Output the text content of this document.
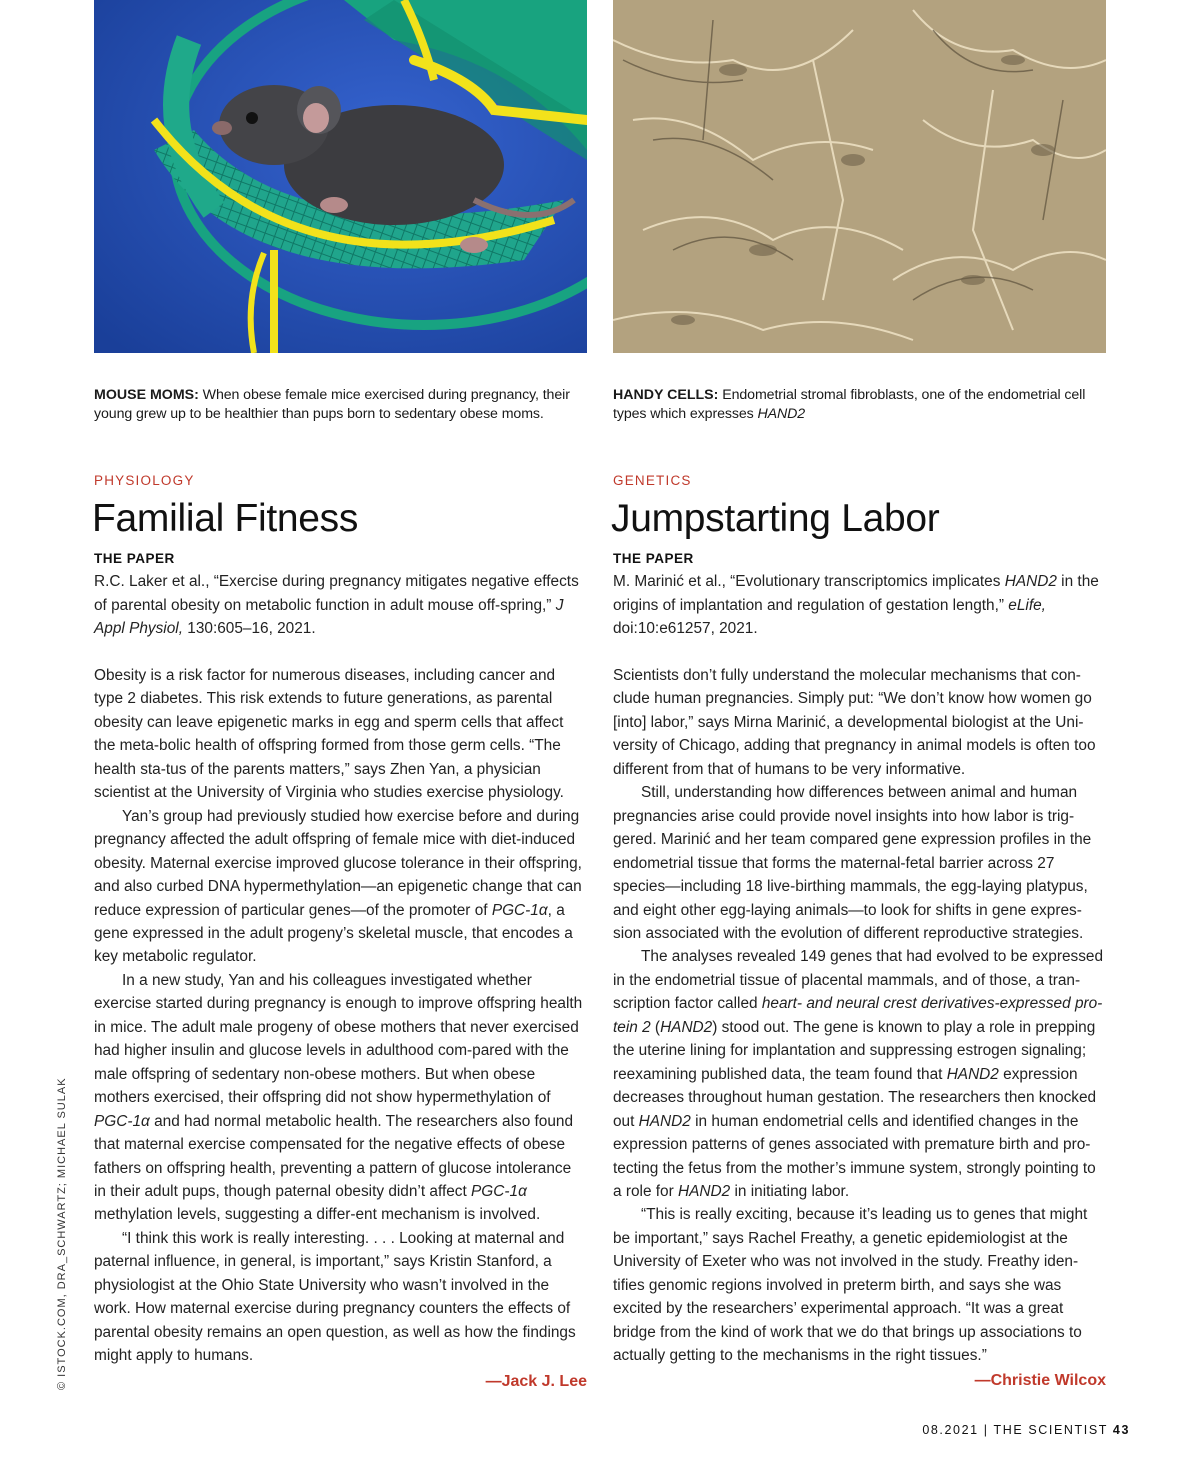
MOUSE MOMS: When obese female mice exercised during pregnancy, their young grew up to be healthier than pups born to sedentary obese moms.
HANDY CELLS: Endometrial stromal fibroblasts, one of the endometrial cell types which expresses HAND2
PHYSIOLOGY	GENETICS
Familial Fitness	Jumpstarting Labor
THE PAPER	THE PAPER
R.C. Laker et al., “Exercise during pregnancy mitigates negative effects of parental obesity on metabolic function in adult mouse off-spring,” J Appl Physiol, 130:605–16, 2021.
M. Marinić et al., “Evolutionary transcriptomics implicates HAND2 in the origins of implantation and regulation of gestation length,” eLife, doi:10:e61257, 2021.

Obesity is a risk factor for numerous diseases, including cancer and type 2 diabetes. This risk extends to future generations, as parental obesity can leave epigenetic marks in egg and sperm cells that affect the meta-bolic health of offspring formed from those germ cells. “The health sta-tus of the parents matters,” says Zhen Yan, a physician scientist at the University of Virginia who studies exercise physiology.

Yan’s group had previously studied how exercise before and during pregnancy affected the adult offspring of female mice with diet-induced obesity. Maternal exercise improved glucose tolerance in their offspring, and also curbed DNA hypermethylation—an epigenetic change that can reduce expression of particular genes—of the promoter of PGC-1α, a gene expressed in the adult progeny’s skeletal muscle, that encodes a key metabolic regulator.

In a new study, Yan and his colleagues investigated whether exercise started during pregnancy is enough to improve offspring health in mice. The adult male progeny of obese mothers that never exercised had higher insulin and glucose levels in adulthood com-pared with the male offspring of sedentary non-obese mothers. But when obese mothers exercised, their offspring did not show hypermethylation of PGC-1α and had normal metabolic health. The researchers also found that maternal exercise compensated for the negative effects of obese fathers on offspring health, preventing a pattern of glucose intolerance in their adult pups, though paternal obesity didn’t affect PGC-1α methylation levels, suggesting a differ-ent mechanism is involved.

“I think this work is really interesting. . . . Looking at maternal and paternal influence, in general, is important,” says Kristin Stanford, a physiologist at the Ohio State University who wasn’t involved in the work. How maternal exercise during pregnancy counters the effects of parental obesity remains an open question, as well as how the findings might apply to humans.

—Jack J. Lee

Scientists don’t fully understand the molecular mechanisms that con-clude human pregnancies. Simply put: “We don’t know how women go [into] labor,” says Mirna Marinić, a developmental biologist at the Uni-versity of Chicago, adding that pregnancy in animal models is often too different from that of humans to be very informative.

Still, understanding how differences between animal and human pregnancies arise could provide novel insights into how labor is trig-gered. Marinić and her team compared gene expression profiles in the endometrial tissue that forms the maternal-fetal barrier across 27 species—including 18 live-birthing mammals, the egg-laying platypus, and eight other egg-laying animals—to look for shifts in gene expres-sion associated with the evolution of different reproductive strategies.

The analyses revealed 149 genes that had evolved to be expressed in the endometrial tissue of placental mammals, and of those, a tran-scription factor called heart- and neural crest derivatives-expressed pro-tein 2 (HAND2) stood out. The gene is known to play a role in prepping the uterine lining for implantation and suppressing estrogen signaling; reexamining published data, the team found that HAND2 expression decreases throughout human gestation. The researchers then knocked out HAND2 in human endometrial cells and identified changes in the expression patterns of genes associated with premature birth and pro-tecting the fetus from the mother’s immune system, strongly pointing to a role for HAND2 in initiating labor.

“This is really exciting, because it’s leading us to genes that might be important,” says Rachel Freathy, a genetic epidemiologist at the University of Exeter who was not involved in the study. Freathy iden-tifies genomic regions involved in preterm birth, and says she was excited by the researchers’ experimental approach. “It was a great bridge from the kind of work that we do that brings up associations to actually getting to the mechanisms in the right tissues.”

—Christie Wilcox
© ISTOCK.COM, DRA_SCHWARTZ; MICHAEL SULAK
08.2021 | THE SCIENTIST 43
